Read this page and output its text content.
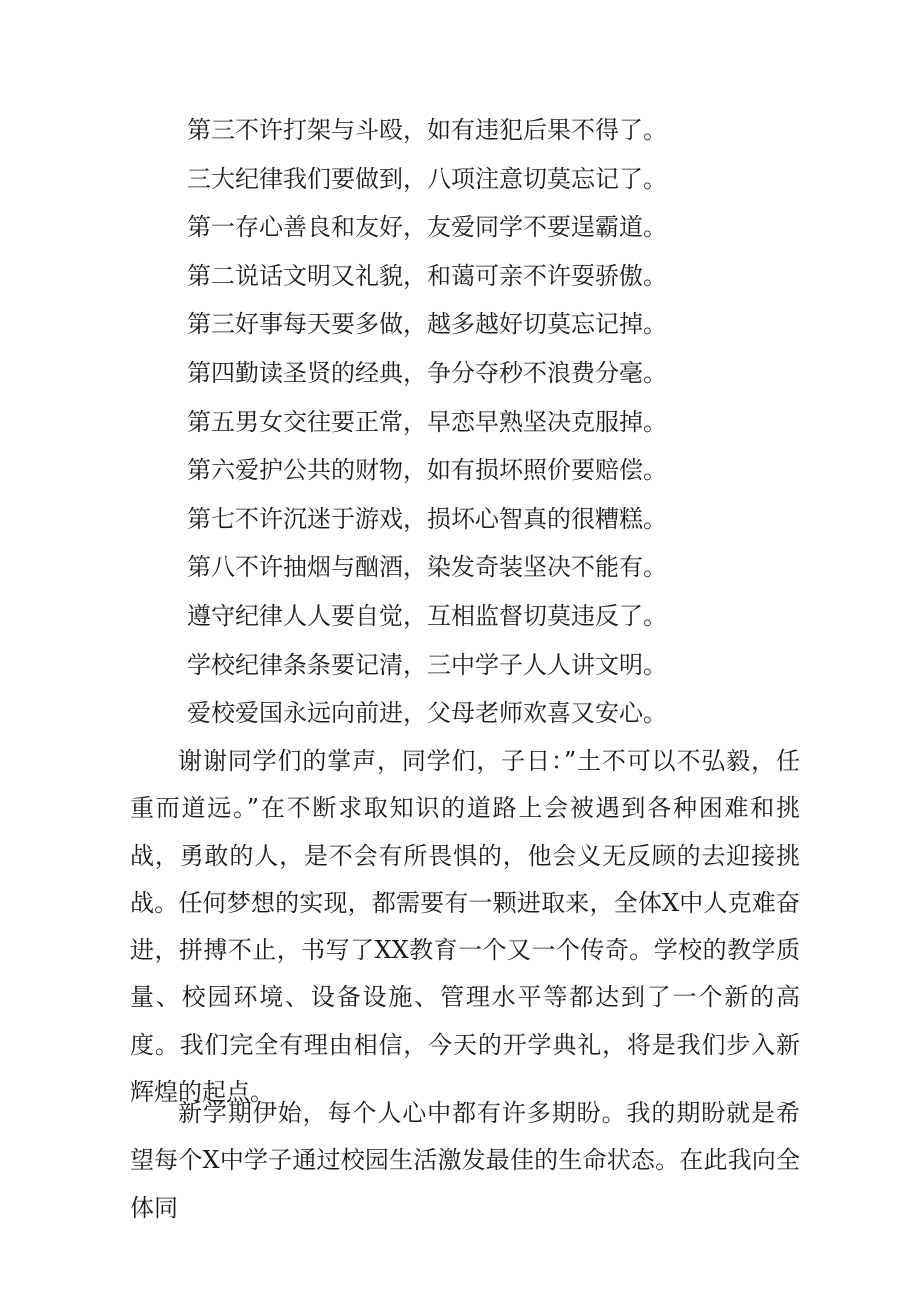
第三不许打架与斗殴，如有违犯后果不得了。
三大纪律我们要做到，八项注意切莫忘记了。
第一存心善良和友好，友爱同学不要逞霸道。
第二说话文明又礼貌，和蔼可亲不许耍骄傲。
第三好事每天要多做，越多越好切莫忘记掉。
第四勤读圣贤的经典，争分夺秒不浪费分毫。
第五男女交往要正常，早恋早熟坚决克服掉。
第六爱护公共的财物，如有损坏照价要赔偿。
第七不许沉迷于游戏，损坏心智真的很糟糕。
第八不许抽烟与酗酒，染发奇装坚决不能有。
遵守纪律人人要自觉，互相监督切莫违反了。
学校纪律条条要记清，三中学子人人讲文明。
爱校爱国永远向前进，父母老师欢喜又安心。

谢谢同学们的掌声，同学们，子日：”土不可以不弘毅，任重而道远。”在不断求取知识的道路上会被遇到各种困难和挑战，勇敢的人，是不会有所畏惧的，他会义无反顾的去迎接挑战。任何梦想的实现，都需要有一颗进取来，全体X中人克难奋进，拼搏不止，书写了XX教育一个又一个传奇。学校的教学质量、校园环境、设备设施、管理水平等都达到了一个新的高度。我们完全有理由相信，今天的开学典礼，将是我们步入新辉煌的起点。

新学期伊始，每个人心中都有许多期盼。我的期盼就是希望每个X中学子通过校园生活激发最佳的生命状态。在此我向全体同
